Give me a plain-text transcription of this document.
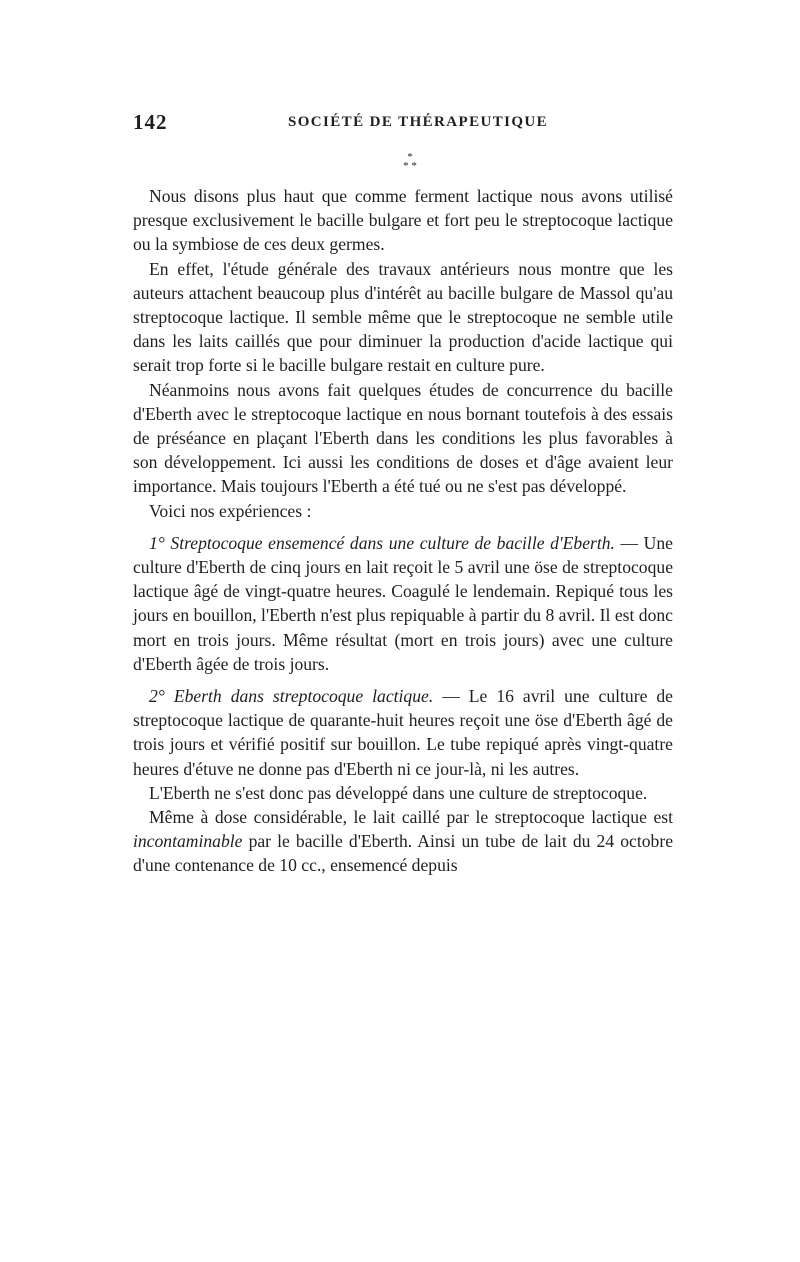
142	SOCIÉTÉ DE THÉRAPEUTIQUE
*
* *

Nous disons plus haut que comme ferment lactique nous avons utilisé presque exclusivement le bacille bulgare et fort peu le streptocoque lactique ou la symbiose de ces deux germes.

En effet, l'étude générale des travaux antérieurs nous montre que les auteurs attachent beaucoup plus d'intérêt au bacille bulgare de Massol qu'au streptocoque lactique. Il semble même que le streptocoque ne semble utile dans les laits caillés que pour diminuer la production d'acide lactique qui serait trop forte si le bacille bulgare restait en culture pure.

Néanmoins nous avons fait quelques études de concurrence du bacille d'Eberth avec le streptocoque lactique en nous bornant toutefois à des essais de préséance en plaçant l'Eberth dans les conditions les plus favorables à son développement. Ici aussi les conditions de doses et d'âge avaient leur importance. Mais toujours l'Eberth a été tué ou ne s'est pas développé.

Voici nos expériences :

1° Streptocoque ensemencé dans une culture de bacille d'Eberth. — Une culture d'Eberth de cinq jours en lait reçoit le 5 avril une öse de streptocoque lactique âgé de vingt-quatre heures. Coagulé le lendemain. Repiqué tous les jours en bouillon, l'Eberth n'est plus repiquable à partir du 8 avril. Il est donc mort en trois jours. Même résultat (mort en trois jours) avec une culture d'Eberth âgée de trois jours.

2° Eberth dans streptocoque lactique. — Le 16 avril une culture de streptocoque lactique de quarante-huit heures reçoit une öse d'Eberth âgé de trois jours et vérifié positif sur bouillon. Le tube repiqué après vingt-quatre heures d'étuve ne donne pas d'Eberth ni ce jour-là, ni les autres.

L'Eberth ne s'est donc pas développé dans une culture de streptocoque.

Même à dose considérable, le lait caillé par le streptocoque lactique est incontaminable par le bacille d'Eberth. Ainsi un tube de lait du 24 octobre d'une contenance de 10 cc., ensemencé depuis
